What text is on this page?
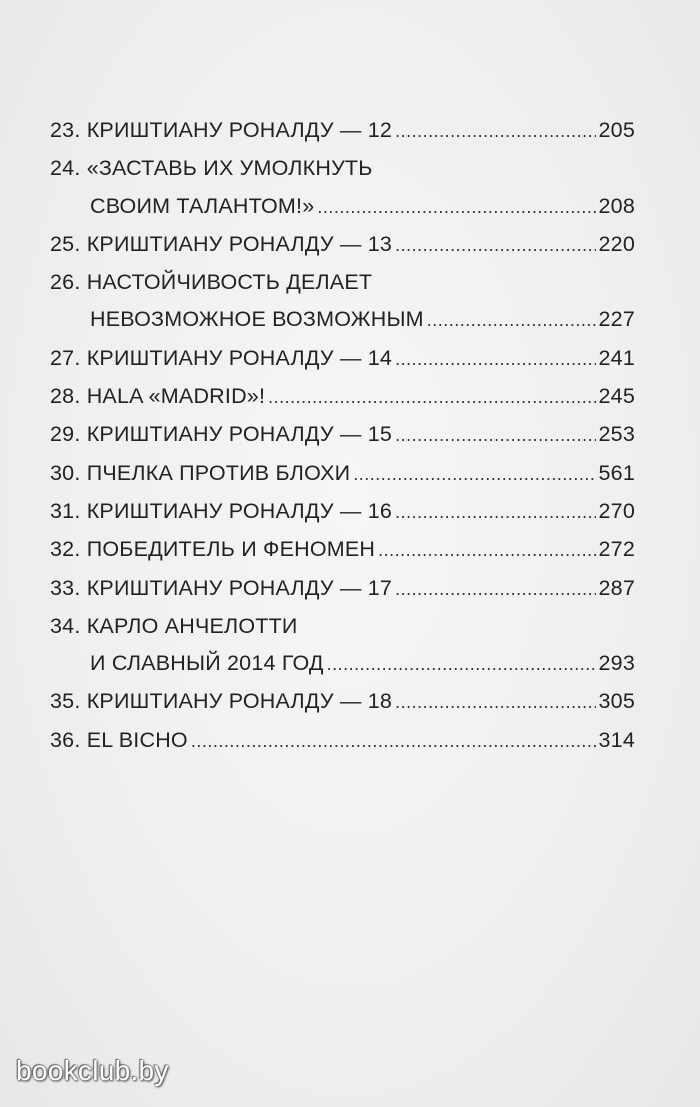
23.
КРИШТИАНУ РОНАЛДУ — 12 .....	205
24.
«ЗАСТАВЬ ИХ УМОЛКНУТЬ
СВОИМ ТАЛАНТОМ!» .....	208
25.
КРИШТИАНУ РОНАЛДУ — 13 .....	220
26.
НАСТОЙЧИВОСТЬ ДЕЛАЕТ
НЕВОЗМОЖНОЕ ВОЗМОЖНЫМ .....	227
27.
КРИШТИАНУ РОНАЛДУ — 14 .....	241
28.
HALA «MADRID»! .....	245
29.
КРИШТИАНУ РОНАЛДУ — 15 .....	253
30.
ПЧЕЛКА ПРОТИВ БЛОХИ .....	561
31.
КРИШТИАНУ РОНАЛДУ — 16 .....	270
32.
ПОБЕДИТЕЛЬ И ФЕНОМЕН .....	272
33.
КРИШТИАНУ РОНАЛДУ — 17 .....	287
34.
КАРЛО АНЧЕЛОТТИ
И СЛАВНЫЙ 2014 ГОД .....	293
35.
КРИШТИАНУ РОНАЛДУ — 18 .....	305
36.
EL BICHO .....	314
bookclub.by
